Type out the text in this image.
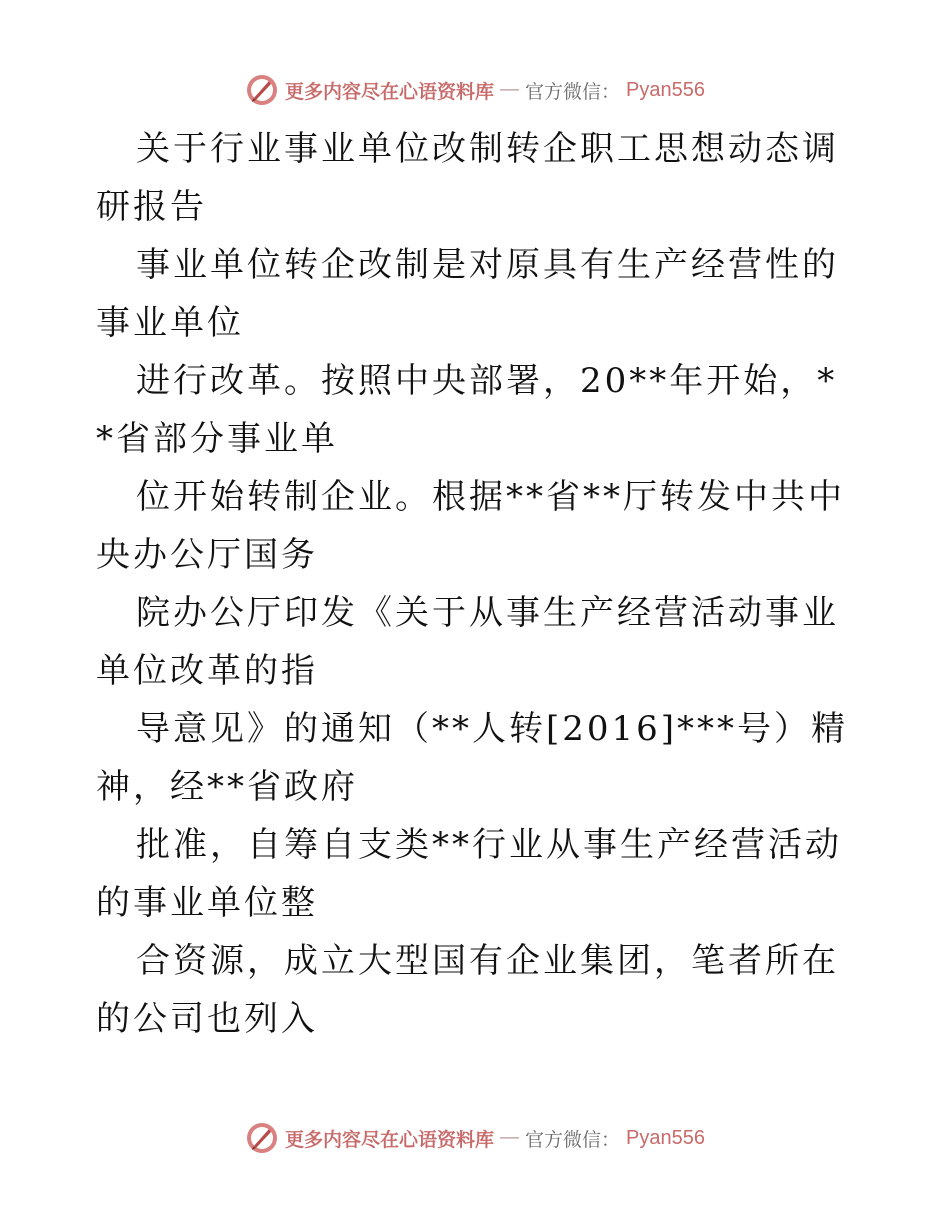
更多内容尽在心语资料库 — 官方微信： Pyan556

关于行业事业单位改制转企职工思想动态调研报告

事业单位转企改制是对原具有生产经营性的事业单位

进行改革。按照中央部署，20**年开始，**省部分事业单

位开始转制企业。根据**省**厅转发中共中央办公厅国务

院办公厅印发《关于从事生产经营活动事业单位改革的指

导意见》的通知（**人转[2016]***号）精神，经**省政府

批准，自筹自支类**行业从事生产经营活动的事业单位整

合资源，成立大型国有企业集团，笔者所在的公司也列入

更多内容尽在心语资料库 — 官方微信： Pyan556
